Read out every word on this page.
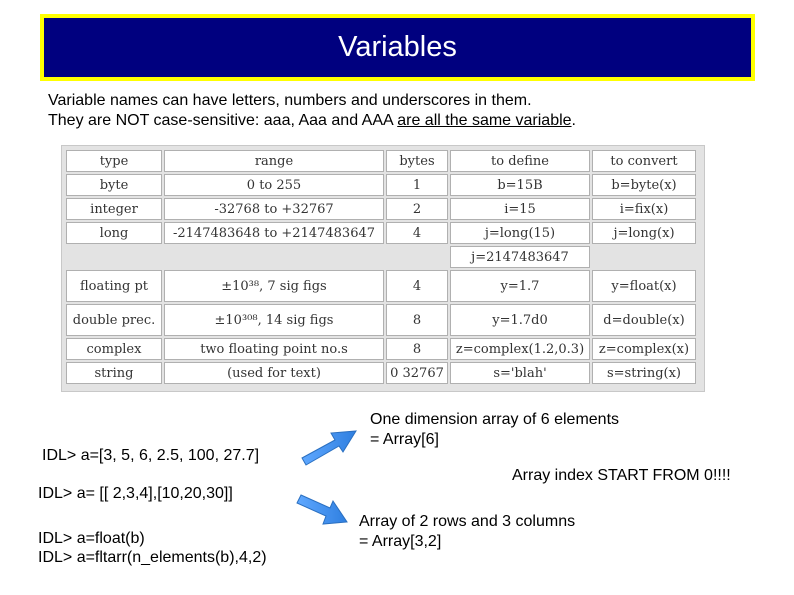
Variables
Variable names can have letters, numbers and underscores in them.
They are NOT case-sensitive: aaa, Aaa and AAA are all the same variable.
type	range	bytes	to define	to convert
byte	0 to 255	1	b=15B	b=byte(x)
integer	-32768 to +32767	2	i=15	i=fix(x)
long	-2147483648 to +2147483647	4	j=long(15)	j=long(x)
			j=2147483647	
floating pt	±10³⁸, 7 sig figs	4	y=1.7	y=float(x)
double prec.	±10³⁰⁸, 14 sig figs	8	y=1.7d0	d=double(x)
complex	two floating point no.s	8	z=complex(1.2,0.3)	z=complex(x)
string	(used for text)	0 32767	s='blah'	s=string(x)
IDL> a=[3, 5, 6, 2.5, 100, 27.7]
IDL> a= [[ 2,3,4],[10,20,30]]
IDL> a=float(b)
IDL> a=fltarr(n_elements(b),4,2)
One dimension array of 6 elements
= Array[6]
Array index START FROM 0!!!!
Array of 2 rows and 3 columns
= Array[3,2]
